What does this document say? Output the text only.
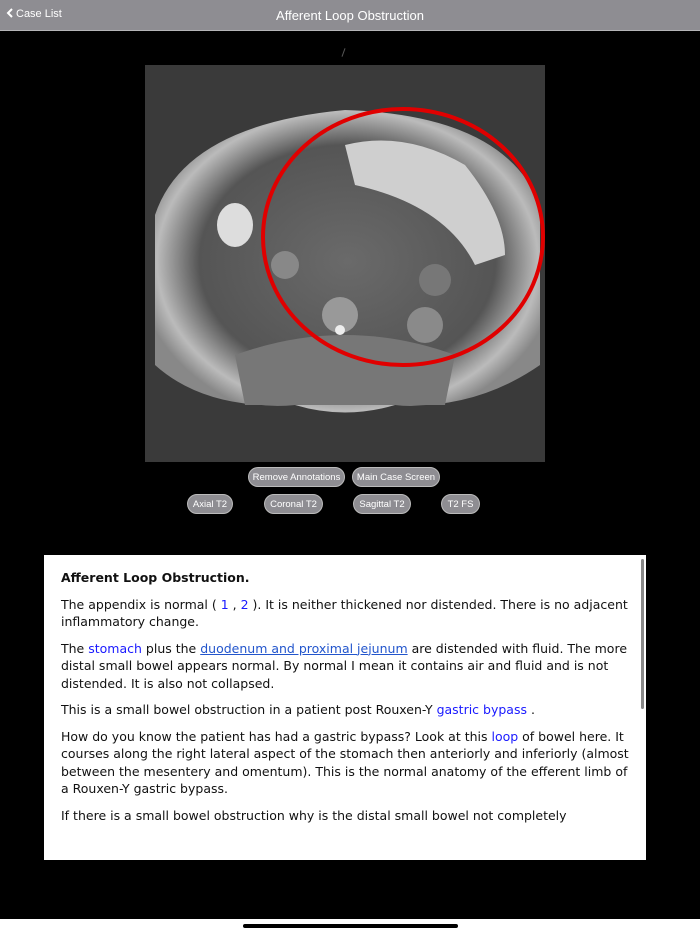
Case List	Afferent Loop Obstruction
Remove Annotations	Main Case Screen
Axial T2	Coronal T2	Sagittal T2	T2 FS
Afferent Loop Obstruction.

The appendix is normal ( 1 , 2 ). It is neither thickened nor distended. There is no adjacent inflammatory change.

The stomach plus the duodenum and proximal jejunum are distended with fluid. The more distal small bowel appears normal. By normal I mean it contains air and fluid and is not distended. It is also not collapsed.

This is a small bowel obstruction in a patient post Rouxen-Y gastric bypass .

How do you know the patient has had a gastric bypass? Look at this loop of bowel here. It courses along the right lateral aspect of the stomach then anteriorly and inferiorly (almost between the mesentery and omentum). This is the normal anatomy of the efferent limb of a Rouxen-Y gastric bypass.

If there is a small bowel obstruction why is the distal small bowel not completely
